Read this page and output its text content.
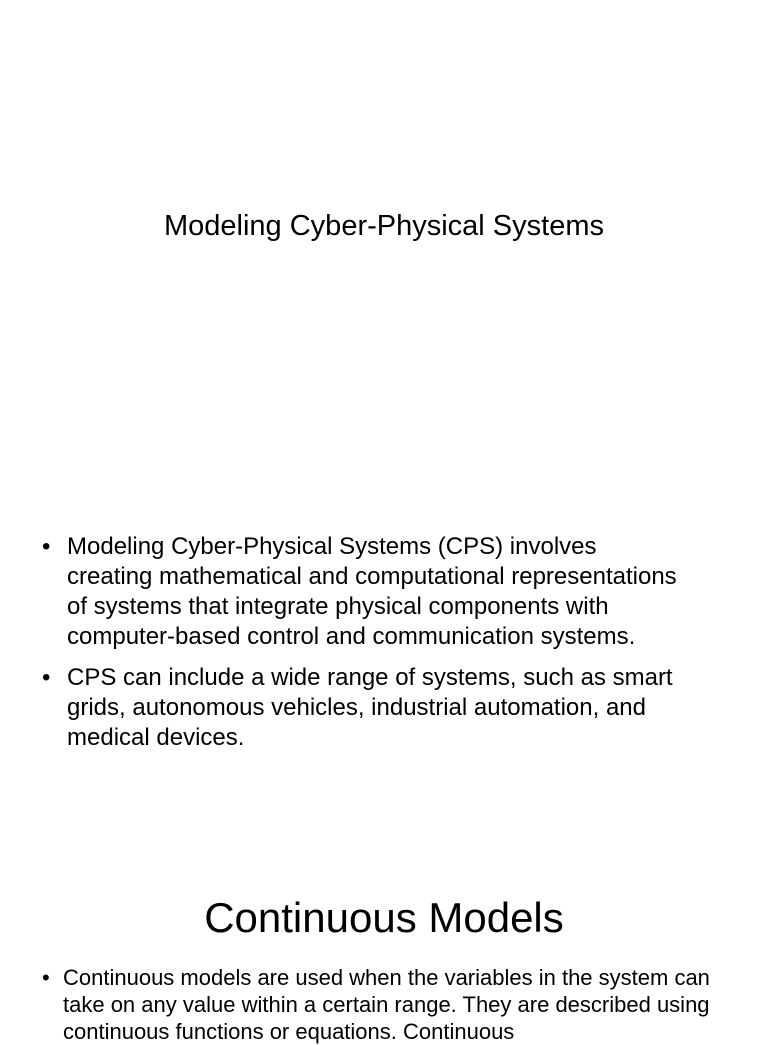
Modeling Cyber-Physical Systems
• Modeling Cyber-Physical Systems (CPS) involves creating mathematical and computational representations of systems that integrate physical components with computer-based control and communication systems.
• CPS can include a wide range of systems, such as smart grids, autonomous vehicles, industrial automation, and medical devices.
Continuous Models
• Continuous models are used when the variables in the system can take on any value within a certain range. They are described using continuous functions or equations. Continuous
